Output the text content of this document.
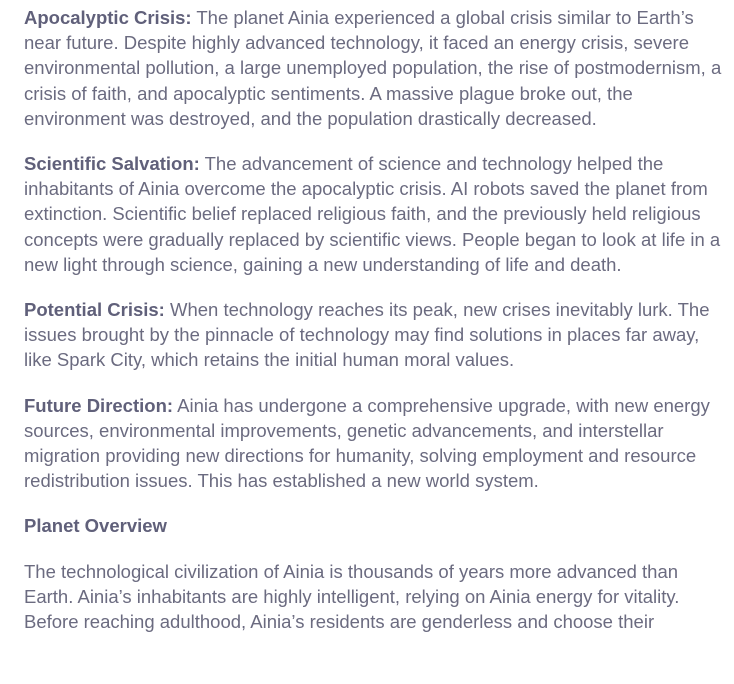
Apocalyptic Crisis: The planet Ainia experienced a global crisis similar to Earth’s near future. Despite highly advanced technology, it faced an energy crisis, severe environmental pollution, a large unemployed population, the rise of postmodernism, a crisis of faith, and apocalyptic sentiments. A massive plague broke out, the environment was destroyed, and the population drastically decreased.

Scientific Salvation: The advancement of science and technology helped the inhabitants of Ainia overcome the apocalyptic crisis. AI robots saved the planet from extinction. Scientific belief replaced religious faith, and the previously held religious concepts were gradually replaced by scientific views. People began to look at life in a new light through science, gaining a new understanding of life and death.

Potential Crisis: When technology reaches its peak, new crises inevitably lurk. The issues brought by the pinnacle of technology may find solutions in places far away, like Spark City, which retains the initial human moral values.

Future Direction: Ainia has undergone a comprehensive upgrade, with new energy sources, environmental improvements, genetic advancements, and interstellar migration providing new directions for humanity, solving employment and resource redistribution issues. This has established a new world system.

Planet Overview

The technological civilization of Ainia is thousands of years more advanced than Earth. Ainia’s inhabitants are highly intelligent, relying on Ainia energy for vitality. Before reaching adulthood, Ainia’s residents are genderless and choose their
